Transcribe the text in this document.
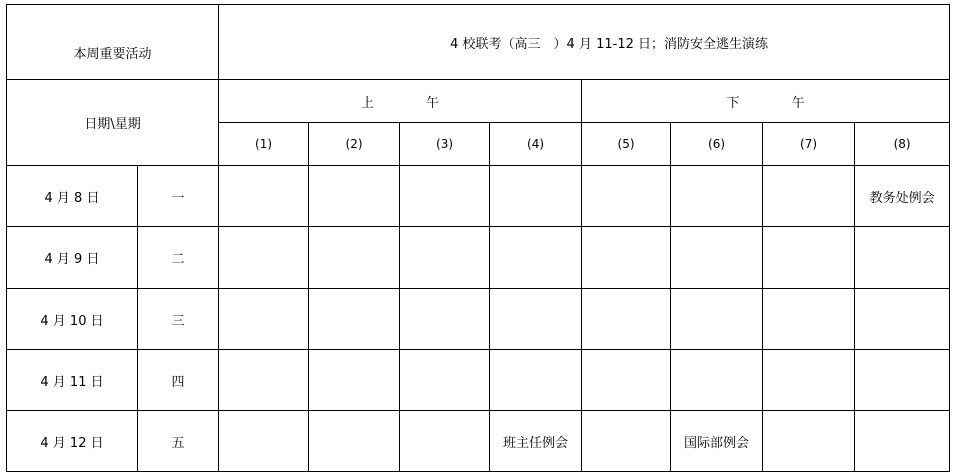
本周重要活动		4 校联考（高三　）4 月 11-12 日；消防安全逃生演练							
日期\星期		上 午				下 午			
		(1)	(2)	(3)	(4)	(5)	(6)	(7)	(8)
4 月 8 日	一								教务处例会
4 月 9 日	二								
4 月 10 日	三								
4 月 11 日	四								
4 月 12 日	五				班主任例会		国际部例会		
